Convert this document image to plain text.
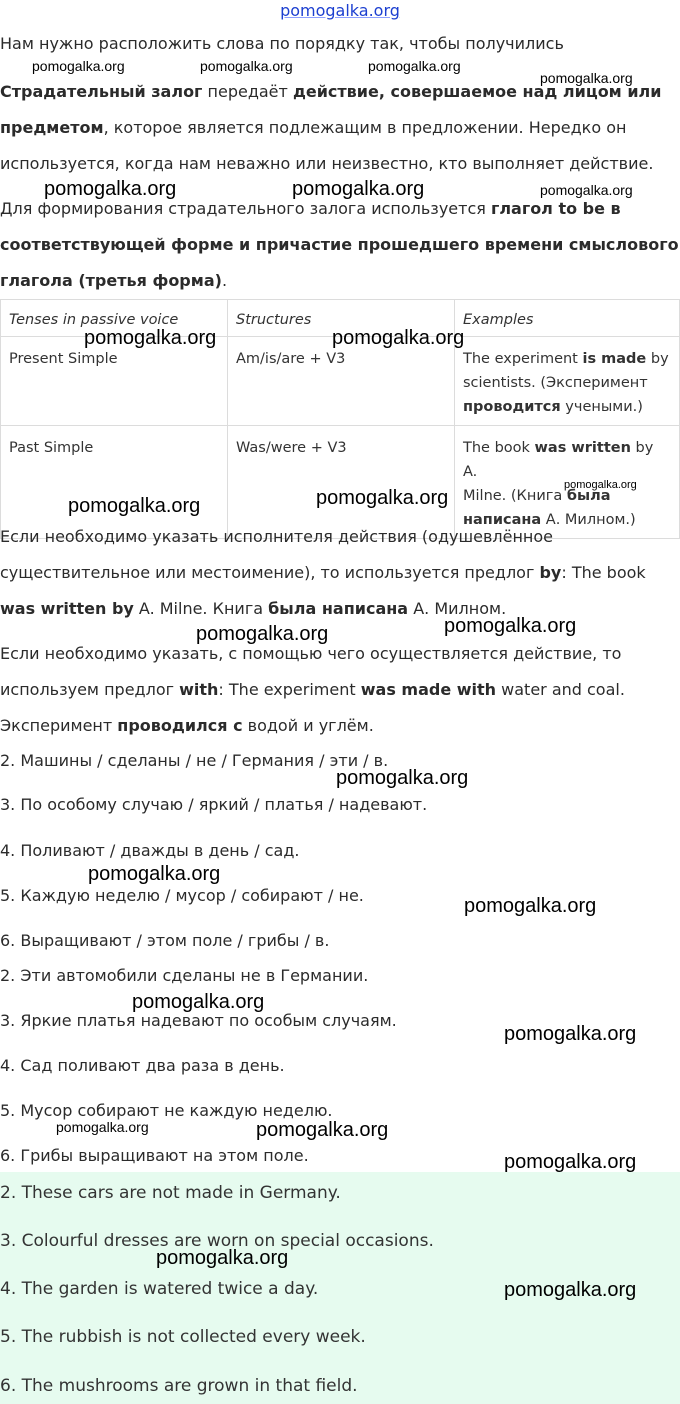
pomogalka.org
Нам нужно расположить слова по порядку так, чтобы получились
Страдательный залог передаёт действие, совершаемое над лицом или
предметом, которое является подлежащим в предложении. Нередко он
используется, когда нам неважно или неизвестно, кто выполняет действие.
Для формирования страдательного залога используется глагол to be в
соответствующей форме и причастие прошедшего времени смыслового
глагола (третья форма).
Tenses in passive voice	Structures	Examples
Present Simple	Am/is/are + V3	The experiment is made by
scientists. (Эксперимент
проводится учеными.)

Past Simple	Was/were + V3	The book was written by A.
Milne. (Книга была
написана А. Милном.)
Если необходимо указать исполнителя действия (одушевлённое
существительное или местоимение), то используется предлог by: The book
was written by A. Milne. Книга была написана А. Милном.
Если необходимо указать, с помощью чего осуществляется действие, то
используем предлог with: The experiment was made with water and coal.
Эксперимент проводился с водой и углём.
2. Машины / сделаны / не / Германия / эти / в.
3. По особому случаю / яркий / платья / надевают.
4. Поливают / дважды в день / сад.
5. Каждую неделю / мусор / собирают / не.
6. Выращивают / этом поле / грибы / в.
2. Эти автомобили сделаны не в Германии.
3. Яркие платья надевают по особым случаям.
4. Сад поливают два раза в день.
5. Мусор собирают не каждую неделю.
6. Грибы выращивают на этом поле.
2. These cars are not made in Germany.
3. Colourful dresses are worn on special occasions.
4. The garden is watered twice a day.
5. The rubbish is not collected every week.
6. The mushrooms are grown in that field.
pomogalka.org	pomogalka.org	pomogalka.org
pomogalka.org
pomogalka.org	pomogalka.org	pomogalka.org
pomogalka.org	pomogalka.org
pomogalka.org
pomogalka.org	pomogalka.org
pomogalka.org	pomogalka.org
pomogalka.org
pomogalka.org
pomogalka.org
pomogalka.org
pomogalka.org
pomogalka.org	pomogalka.org
pomogalka.org
pomogalka.org
pomogalka.org
